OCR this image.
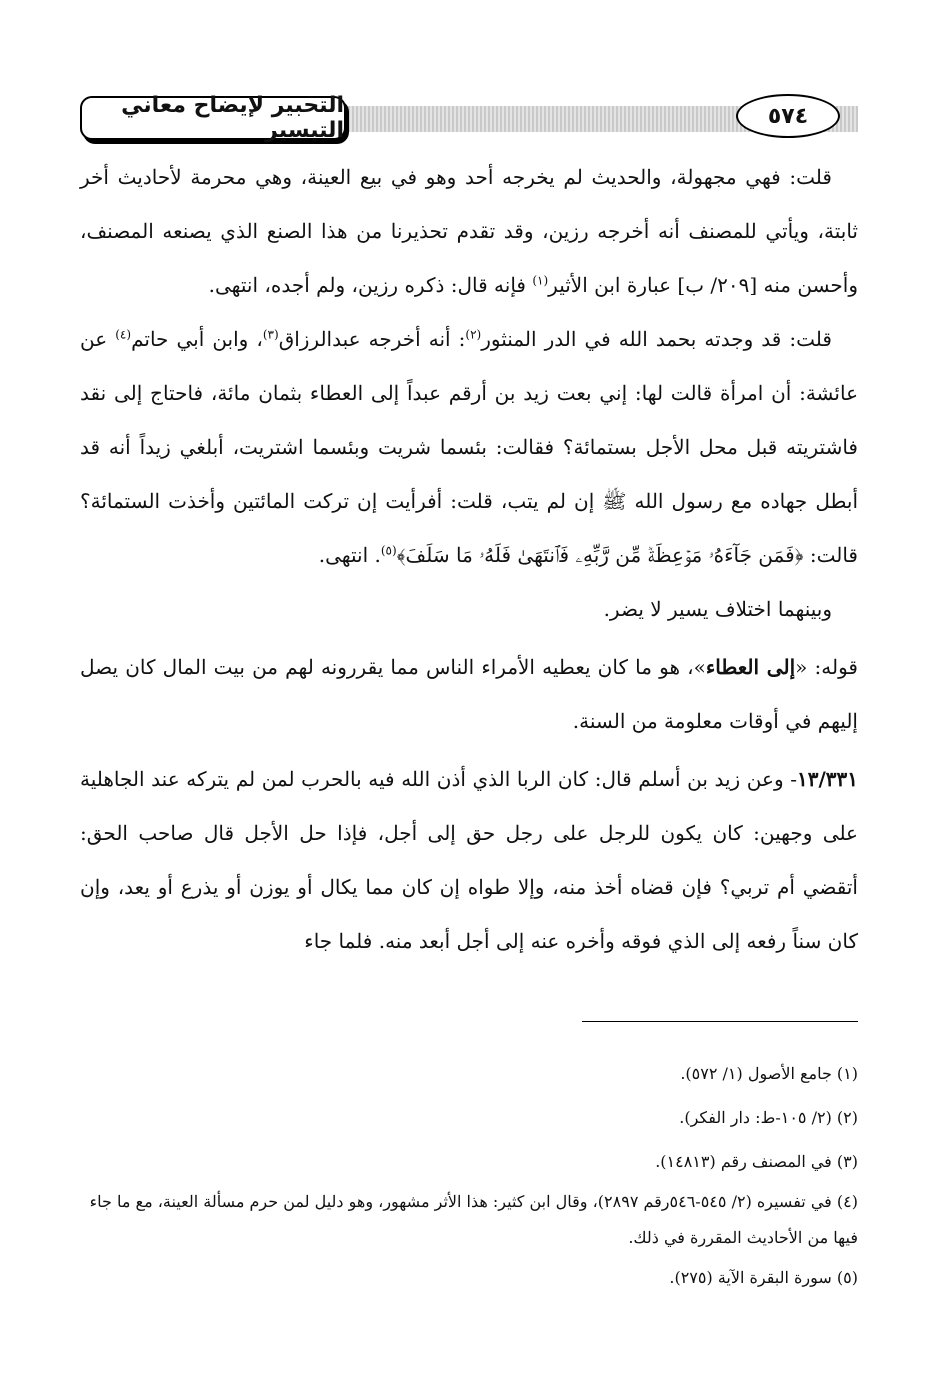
التحبير لإيضاح معاني التيسير
٥٧٤

قلت: فهي مجهولة، والحديث لم يخرجه أحد وهو في بيع العينة، وهي محرمة لأحاديث أخر ثابتة، ويأتي للمصنف أنه أخرجه رزين، وقد تقدم تحذيرنا من هذا الصنع الذي يصنعه المصنف، وأحسن منه [٢٠٩/ ب] عبارة ابن الأثير$^{(١)}$ فإنه قال: ذكره رزين، ولم أجده، انتهى.

قلت: قد وجدته بحمد الله في الدر المنثور$^{(٢)}$: أنه أخرجه عبدالرزاق$^{(٣)}$، وابن أبي حاتم$^{(٤)}$ عن عائشة: أن امرأة قالت لها: إني بعت زيد بن أرقم عبداً إلى العطاء بثمان مائة، فاحتاج إلى نقد فاشتريته قبل محل الأجل بستمائة؟ فقالت: بئسما شريت وبئسما اشتريت، أبلغي زيداً أنه قد أبطل جهاده مع رسول الله ﷺ إن لم يتب، قلت: أفرأيت إن تركت المائتين وأخذت الستمائة؟ قالت: ﴿فَمَن جَآءَهُۥ مَوۡعِظَةٞ مِّن رَّبِّهِۦ فَٱنتَهَىٰ فَلَهُۥ مَا سَلَفَ﴾$^{(٥)}$. انتهى.

وبينهما اختلاف يسير لا يضر.

قوله: «إلى العطاء»، هو ما كان يعطيه الأمراء الناس مما يقررونه لهم من بيت المال كان يصل إليهم في أوقات معلومة من السنة.

١٣/٣٣١- وعن زيد بن أسلم قال: كان الربا الذي أذن الله فيه بالحرب لمن لم يتركه عند الجاهلية على وجهين: كان يكون للرجل على رجل حق إلى أجل، فإذا حل الأجل قال صاحب الحق: أتقضي أم تربي؟ فإن قضاه أخذ منه، وإلا طواه إن كان مما يكال أو يوزن أو يذرع أو يعد، وإن كان سناً رفعه إلى الذي فوقه وأخره عنه إلى أجل أبعد منه. فلما جاء

(١) جامع الأصول (١/ ٥٧٢).
(٢) (٢/ ١٠٥-ط: دار الفكر).
(٣) في المصنف رقم (١٤٨١٣).
(٤) في تفسيره (٢/ ٥٤٥-٥٤٦رقم ٢٨٩٧)، وقال ابن كثير: هذا الأثر مشهور، وهو دليل لمن حرم مسألة العينة، مع ما جاء فيها من الأحاديث المقررة في ذلك.
(٥) سورة البقرة الآية (٢٧٥).
